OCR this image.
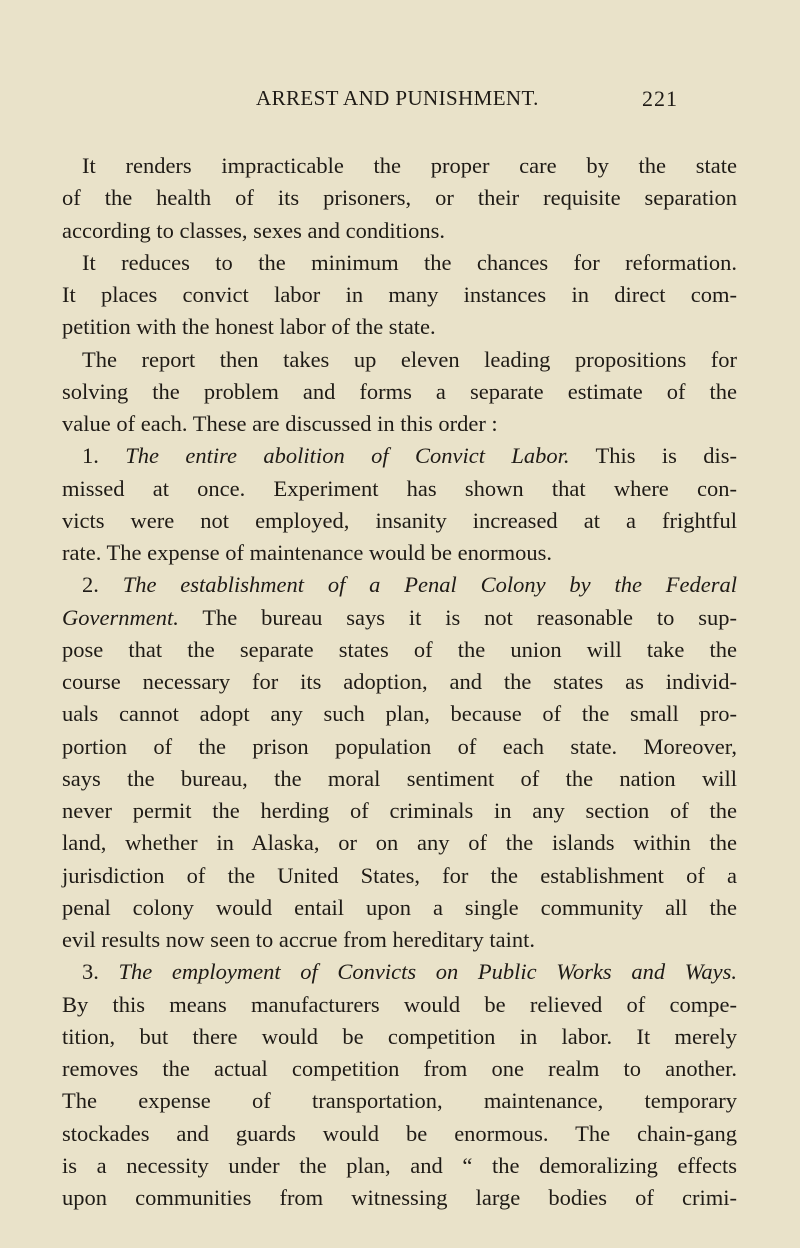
ARREST AND PUNISHMENT.	221
It renders impracticable the proper care by the state
of the health of its prisoners, or their requisite separation
according to classes, sexes and conditions.
It reduces to the minimum the chances for reformation.
It places convict labor in many instances in direct com-
petition with the honest labor of the state.
The report then takes up eleven leading propositions for
solving the problem and forms a separate estimate of the
value of each. These are discussed in this order :
1. The entire abolition of Convict Labor. This is dis-
missed at once. Experiment has shown that where con-
victs were not employed, insanity increased at a frightful
rate. The expense of maintenance would be enormous.
2. The establishment of a Penal Colony by the Federal
Government. The bureau says it is not reasonable to sup-
pose that the separate states of the union will take the
course necessary for its adoption, and the states as individ-
uals cannot adopt any such plan, because of the small pro-
portion of the prison population of each state. Moreover,
says the bureau, the moral sentiment of the nation will
never permit the herding of criminals in any section of the
land, whether in Alaska, or on any of the islands within the
jurisdiction of the United States, for the establishment of a
penal colony would entail upon a single community all the
evil results now seen to accrue from hereditary taint.
3. The employment of Convicts on Public Works and Ways.
By this means manufacturers would be relieved of compe-
tition, but there would be competition in labor. It merely
removes the actual competition from one realm to another.
The expense of transportation, maintenance, temporary
stockades and guards would be enormous. The chain-gang
is a necessity under the plan, and “ the demoralizing effects
upon communities from witnessing large bodies of crimi-
